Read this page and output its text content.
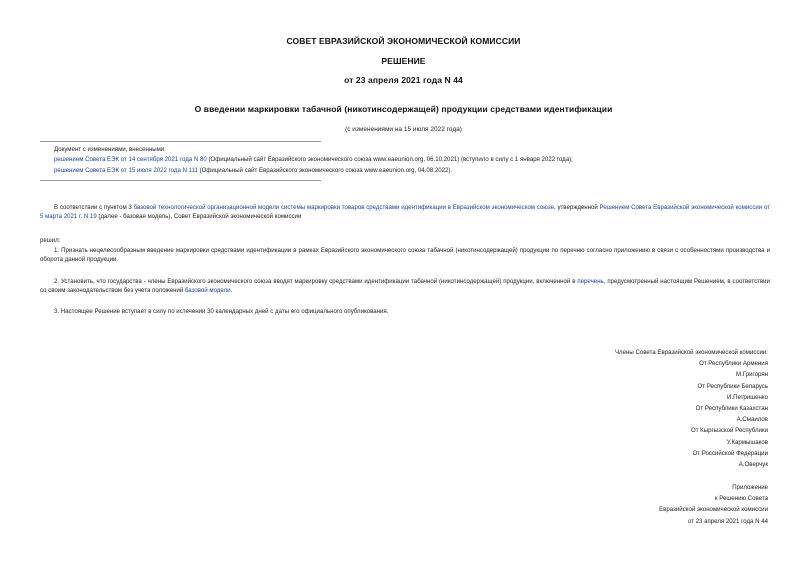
СОВЕТ ЕВРАЗИЙСКОЙ ЭКОНОМИЧЕСКОЙ КОМИССИИ
РЕШЕНИЕ
от 23 апреля 2021 года N 44
О введении маркировки табачной (никотинсодержащей) продукции средствами идентификации
(с изменениями на 15 июля 2022 года)
Документ с изменениями, внесенными:
решением Совета ЕЭК от 14 сентября 2021 года N 80 (Официальный сайт Евразийского экономического союза www.eaeunion.org, 06.10.2021) (вступило в силу с 1 января 2022 года);
решением Совета ЕЭК от 15 июля 2022 года N 111 (Официальный сайт Евразийского экономического союза www.eaeunion.org, 04.08.2022).
В соответствии с пунктом 3 базовой технологической организационной модели системы маркировки товаров средствами идентификации в Евразийском экономическом союзе, утвержденной Решением Совета Евразийской экономической комиссии от 5 марта 2021 г. N 19 (далее - базовая модель), Совет Евразийской экономической комиссии
решил:
1. Признать нецелесообразным введение маркировки средствами идентификации в рамках Евразийского экономического союза табачной (никотинсодержащей) продукции по перечню согласно приложению в связи с особенностями производства и оборота данной продукции.
2. Установить, что государства - члены Евразийского экономического союза вводят маркировку средствами идентификации табачной (никотинсодержащей) продукции, включенной в перечень, предусмотренный настоящим Решением, в соответствии со своим законодательством без учета положений базовой модели.
3. Настоящее Решение вступает в силу по истечении 30 календарных дней с даты его официального опубликования.
Члены Совета Евразийской экономической комиссии:
От Республики Армения
М.Григорян
От Республики Беларусь
И.Петришенко
От Республики Казахстан
А.Смаилов
От Кыргызской Республики
У.Кармышаков
От Российской Федерации
А.Оверчук
Приложение
к Решению Совета
Евразийской экономической комиссии
от 23 апреля 2021 года N 44
